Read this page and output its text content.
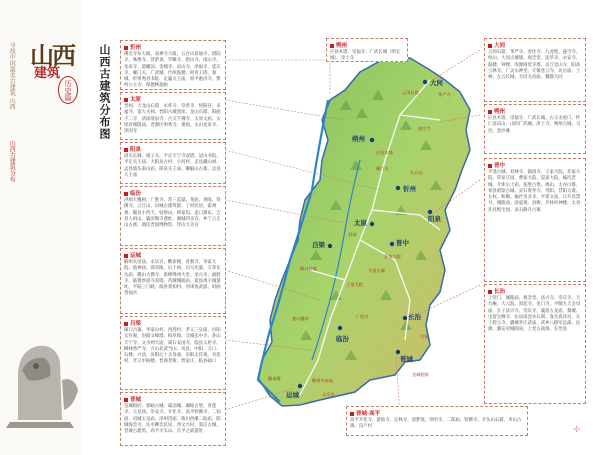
寻找中国最美古建筑 山西
山西古建筑分布
山西
建筑
历史篇	山西古建筑分布图	大同
朔州
忻州
阳泉
太原
晋中
吕梁
临汾
长治
晋城
运城
云冈石窟	华严寺
应县木塔
悬空寺
五台山
雁门关
晋祠
平遥古城
王家大院
乔家大院
碛口古镇
广胜寺
壶口瀑布
皇城相府
解州关帝庙
永乐宫
鹳雀楼
大宛
忻州
佛光寺东大殿、南禅寺大殿、五台山显通寺、塔院寺、殊像寺、菩萨顶、罗睺寺、碧山寺、南山寺、龙泉寺、黛螺顶、金阁寺、岩山寺、洪福寺、延庆寺、雁门关、广武城、代州鼓楼、阿育王塔、秦城、忻州秀容书院、定襄关王庙、原平惠济寺、繁峙公主寺、保德林遮峪
太原
晋祠、天龙山石窟、永祚寺、崇善寺、纯阳宫、多福寺、窦大夫祠、晋阳古城遗址、龙山石窟、阳曲不二寺、清徐清泉寺、古交千佛寺、太原文庙、太原府城隍庙、晋源区明秀寺、娄烦、太山龙泉寺、净因寺
阳泉
固关长城、娘子关、平定天宁寺双塔、冠山书院、平定关王庙、大阳泉古村、小河村、盂县藏山祠、孟县坡头泰山庙、阳泉关王庙、狮脑山古寨、盂县大王庙
临汾
洪洞大槐树、广胜寺、苏三监狱、尧庙、尧陵、铁佛寺、云丘山、汾城古建筑群、丁村民居、霍州署、隰县小西天、姑射山、师家沟、壶口瀑布、吉县人祖山、襄汾陶寺遗址、翼城四圣宫、乡宁云丘山古寨、曲沃晋国博物馆、浮山天圣宫
运城
解州关帝庙、永乐宫、鹳雀楼、普救寺、李家大院、池神庙、舜帝陵、后土祠、司马光墓、万荣东岳庙、稷山大佛寺、新绛绛州大堂、龙兴寺、福胜寺、临猗妙道寺双塔、芮城城隍庙、夏县禹王城遗址、平陆三门峡、闻喜裴柏村、河津真武庙、垣曲望仙宫
吕梁
碛口古镇、李家山村、西湾村、孝义三皇庙、汾阳太符观、汾阳文峰塔、柏草坡、交城玄中寺、卦山天宁寺、文水则天庙、离石安国寺、临县义居寺、柳林香严寺、方山北武当山、岚县、中阳、交口、石楼、兴县、汾阳后土圣母庙、汾阳太符观、杏花村、孝义中阳楼、晋商老街、贾家庄、临县碛口
晋城
皇城相府、郭峪古城、砥洎城、湘峪古堡、青莲寺、玉皇庙、崇安寺、开化寺、高平铁佛寺、二仙庙、府城玉皇庙、泽州岱庙、陵川西溪二仙庙、阳城海会寺、沁水柳氏民居、西文兴村、窦庄古城、晋城古建筑、高平羊头山、长平之战遗址
朔州
应县木塔、崇福寺、广武长城（明长城）、净土寺
大同
云冈石窟、华严寺、善化寺、九龙壁、悬空寺、恒山、大同古城墙、观音堂、法华寺、永安寺、鼓楼、钟楼、浑源圆觉寺塔、灵丘觉山寺、阳高云林寺、广灵水神堂、天镇慈云寺、北岳庙、土林、左云长城、大同关帝庙、魏都大同
朔州
应县木塔、崇福寺、广武长城、右玉杀虎口、怀仁清凉山、山阴广武城、净土寺、朔州古城、马邑、金沙滩
晋中
平遥古城、双林寺、镇国寺、王家大院、乔家大院、常家庄园、曹家大院、渠家大院、榆次老城、介休后土庙、张壁古堡、绵山、太谷白塔、祁县昭馀古城、灵石资寿寺、寿阳、昔阳大寨、左权、和顺、榆社崇圣寺、平遥文庙、日升昌票号、城隍庙、清虚观、县衙、介休祆神楼、太谷孔祥熙宅园、灵石静升古镇
长治
上党门、城隍庙、观音堂、法兴寺、崇庆寺、天台庵、大云院、原起寺、龙门寺、平顺九天圣母庙、长子法兴寺、崇庆寺、襄垣五龙庙、黎城、屯留宝峰寺、沁县南涅水石刻、壶关真泽宫、长子碧云寺、潞城李庄武庙、武乡八路军总部、沁源、潞安府城隍庙、上党古战场、长治县
晋城·高平
高平开化寺、游仙寺、定林寺、清梦观、崇明寺、二郎庙、铁佛寺、羊头山石窟、米山古镇、良户村	✣
